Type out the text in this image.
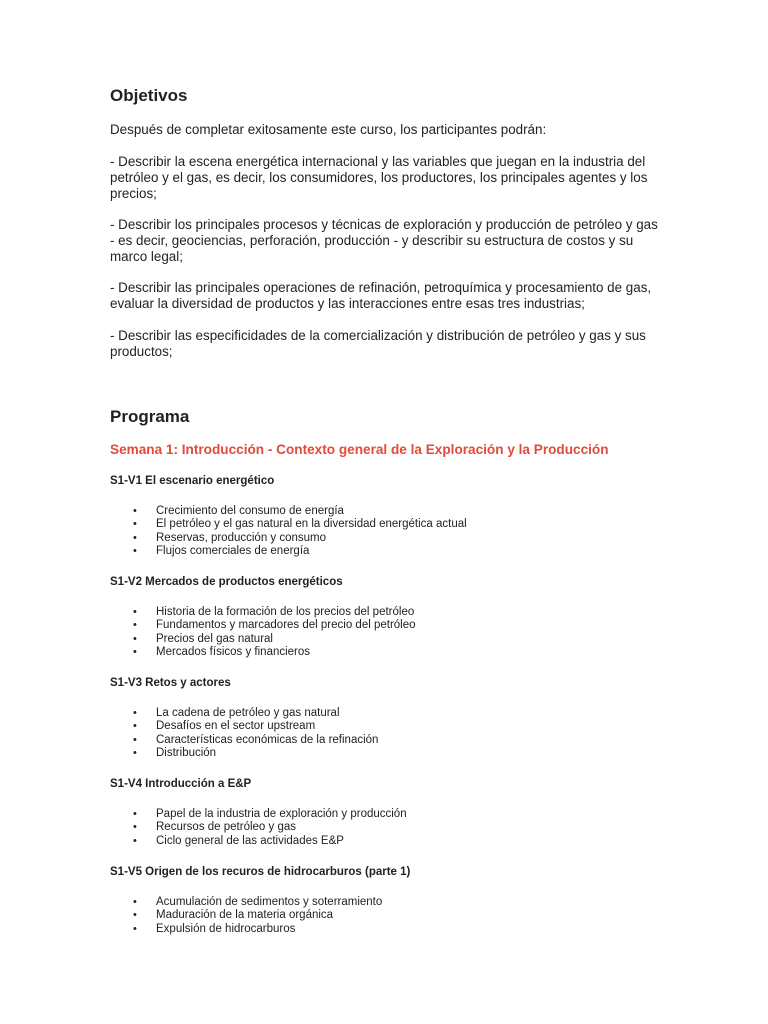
Objetivos

Después de completar exitosamente este curso, los participantes podrán:

- Describir la escena energética internacional y las variables que juegan en la industria del petróleo y el gas, es decir, los consumidores, los productores, los principales agentes y los precios;

- Describir los principales procesos y técnicas de exploración y producción de petróleo y gas - es decir, geociencias, perforación, producción - y describir su estructura de costos y su marco legal;

- Describir las principales operaciones de refinación, petroquímica y procesamiento de gas, evaluar la diversidad de productos y las interacciones entre esas tres industrias;

- Describir las especificidades de la comercialización y distribución de petróleo y gas y sus productos;

Programa

Semana 1: Introducción - Contexto general de la Exploración y la Producción

S1-V1 El escenario energético

• Crecimiento del consumo de energía
• El petróleo y el gas natural en la diversidad energética actual
• Reservas, producción y consumo
• Flujos comerciales de energía

S1-V2 Mercados de productos energéticos

• Historia de la formación de los precios del petróleo
• Fundamentos y marcadores del precio del petróleo
• Precios del gas natural
• Mercados físicos y financieros

S1-V3 Retos y actores

• La cadena de petróleo y gas natural
• Desafíos en el sector upstream
• Características económicas de la refinación
• Distribución

S1-V4 Introducción a E&P

• Papel de la industria de exploración y producción
• Recursos de petróleo y gas
• Ciclo general de las actividades E&P

S1-V5 Origen de los recuros de hidrocarburos (parte 1)

• Acumulación de sedimentos y soterramiento
• Maduración de la materia orgánica
• Expulsión de hidrocarburos
